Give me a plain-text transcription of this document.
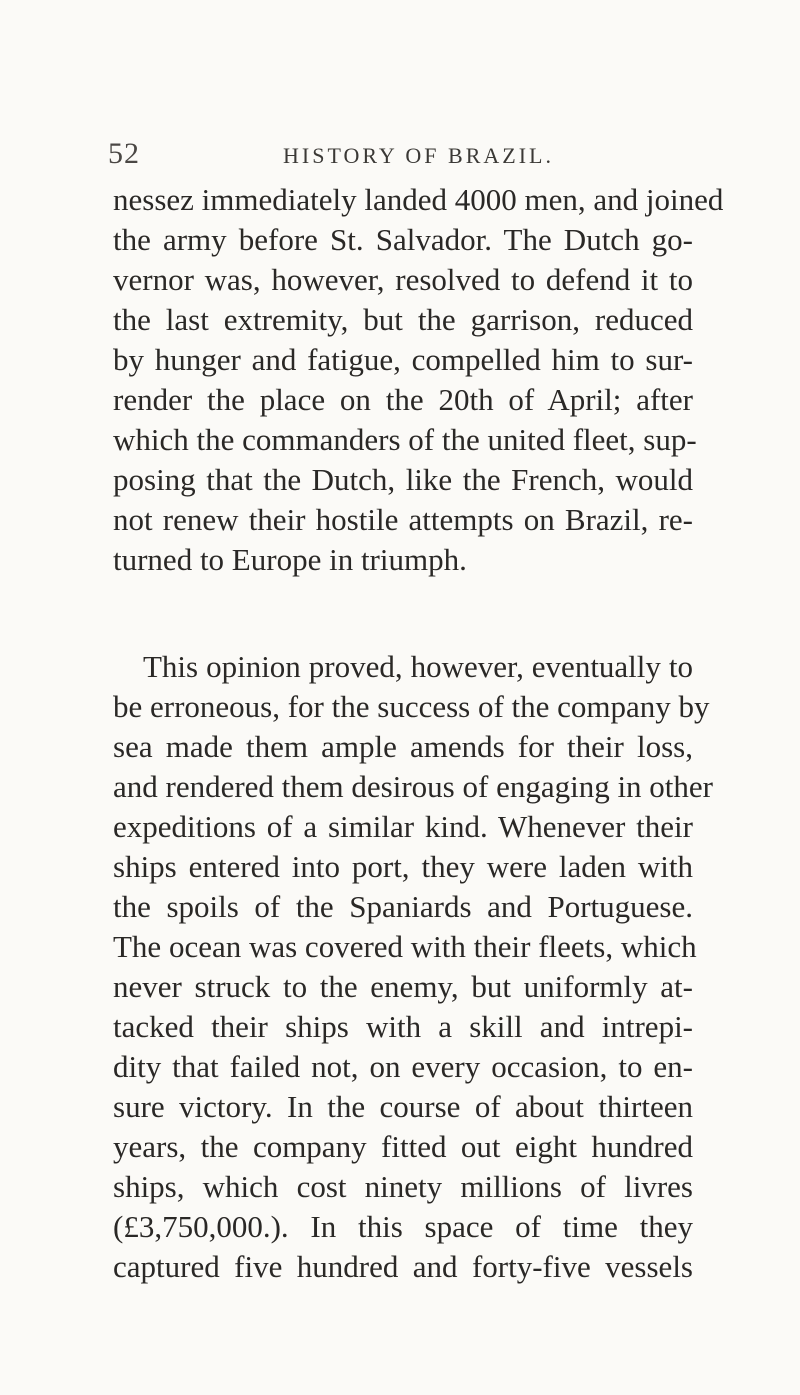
52	HISTORY OF BRAZIL.
nessez immediately landed 4000 men, and joined
the army before St. Salvador. The Dutch go-
vernor was, however, resolved to defend it to
the last extremity, but the garrison, reduced
by hunger and fatigue, compelled him to sur-
render the place on the 20th of April; after
which the commanders of the united fleet, sup-
posing that the Dutch, like the French, would
not renew their hostile attempts on Brazil, re-
turned to Europe in triumph.
This opinion proved, however, eventually to
be erroneous, for the success of the company by
sea made them ample amends for their loss,
and rendered them desirous of engaging in other
expeditions of a similar kind. Whenever their
ships entered into port, they were laden with
the spoils of the Spaniards and Portuguese.
The ocean was covered with their fleets, which
never struck to the enemy, but uniformly at-
tacked their ships with a skill and intrepi-
dity that failed not, on every occasion, to en-
sure victory. In the course of about thirteen
years, the company fitted out eight hundred
ships, which cost ninety millions of livres
(£3,750,000.). In this space of time they
captured five hundred and forty-five vessels
